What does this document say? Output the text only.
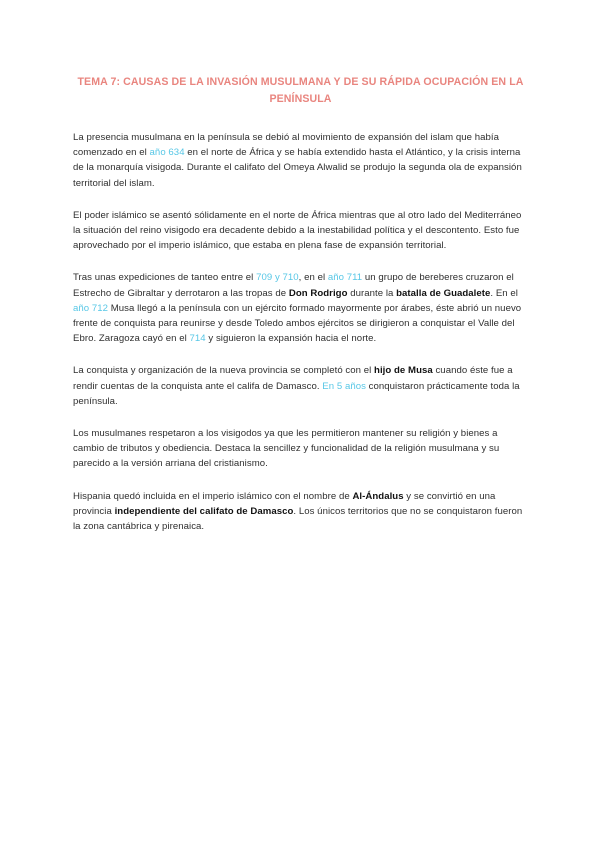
TEMA 7: CAUSAS DE LA INVASIÓN MUSULMANA Y DE SU RÁPIDA OCUPACIÓN EN LA PENÍNSULA

La presencia musulmana en la península se debió al movimiento de expansión del islam que había comenzado en el año 634 en el norte de África y se había extendido hasta el Atlántico, y la crisis interna de la monarquía visigoda. Durante el califato del Omeya Alwalid se produjo la segunda ola de expansión territorial del islam.

El poder islámico se asentó sólidamente en el norte de África mientras que al otro lado del Mediterráneo la situación del reino visigodo era decadente debido a la inestabilidad política y el descontento. Esto fue aprovechado por el imperio islámico, que estaba en plena fase de expansión territorial.

Tras unas expediciones de tanteo entre el 709 y 710, en el año 711 un grupo de bereberes cruzaron el Estrecho de Gibraltar y derrotaron a las tropas de Don Rodrigo durante la batalla de Guadalete. En el año 712 Musa llegó a la península con un ejército formado mayormente por árabes, éste abrió un nuevo frente de conquista para reunirse y desde Toledo ambos ejércitos se dirigieron a conquistar el Valle del Ebro. Zaragoza cayó en el 714 y siguieron la expansión hacia el norte.

La conquista y organización de la nueva provincia se completó con el hijo de Musa cuando éste fue a rendir cuentas de la conquista ante el califa de Damasco. En 5 años conquistaron prácticamente toda la península.

Los musulmanes respetaron a los visigodos ya que les permitieron mantener su religión y bienes a cambio de tributos y obediencia. Destaca la sencillez y funcionalidad de la religión musulmana y su parecido a la versión arriana del cristianismo.

Hispania quedó incluida en el imperio islámico con el nombre de Al-Ándalus y se convirtió en una provincia independiente del califato de Damasco. Los únicos territorios que no se conquistaron fueron la zona cantábrica y pirenaica.
